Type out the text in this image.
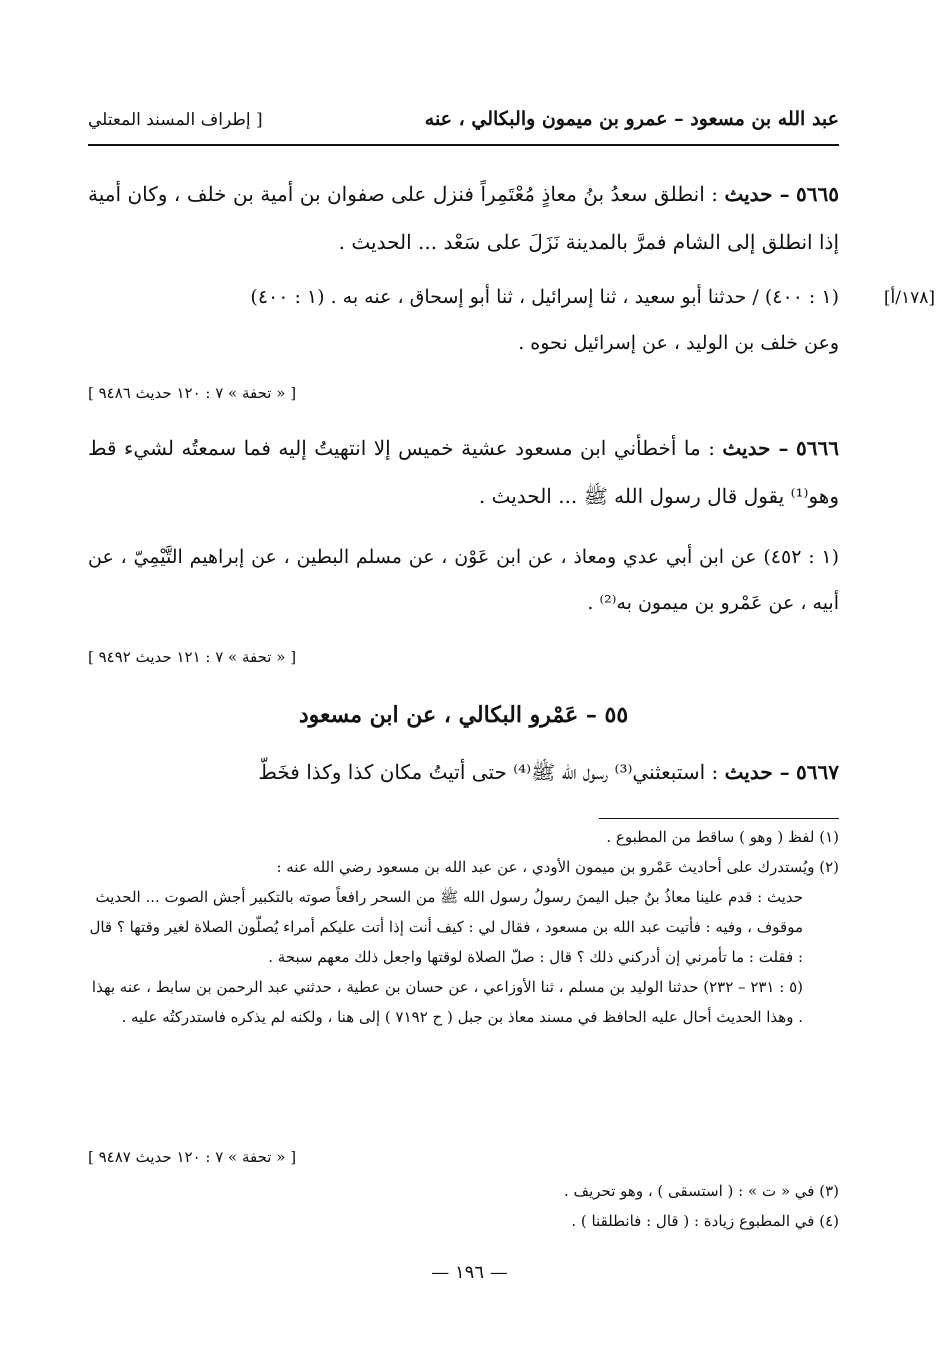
عبد الله بن مسعود – عمرو بن ميمون والبكالي ، عنه
[ إطراف المسند المعتلي
٥٦٦٥ – حديث : انطلق سعدُ بنُ معاذٍ مُعْتَمِراً فنزل على صفوان بن أمية بن خلف ، وكان أمية إذا انطلق إلى الشام فمرَّ بالمدينة نَزَلَ على سَعْد ... الحديث .
[١٧٨/أ]
(١ : ٤٠٠) / حدثنا أبو سعيد ، ثنا إسرائيل ، ثنا أبو إسحاق ، عنه به . (١ : ٤٠٠)
وعن خلف بن الوليد ، عن إسرائيل نحوه .
[ « تحفة » ٧ : ١٢٠ حديث ٩٤٨٦ ]
٥٦٦٦ – حديث : ما أخطأني ابن مسعود عشية خميس إلا انتهيتُ إليه فما سمعتُه لشيء قط وهو⁽¹⁾ يقول قال رسول الله ﷺ ... الحديث .
(١ : ٤٥٢) عن ابن أبي عدي ومعاذ ، عن ابن عَوْن ، عن مسلم البطين ، عن إبراهيم التَّيْمِيّ ، عن أبيه ، عن عَمْرو بن ميمون به⁽²⁾ .
[ « تحفة » ٧ : ١٢١ حديث ٩٤٩٢ ]
٥٥ – عَمْرو البكالي ، عن ابن مسعود
٥٦٦٧ – حديث : استبعثني⁽³⁾ رسول الله ﷺ⁽⁴⁾ حتى أتيتُ مكان كذا وكذا فخَطّ
(١) لفظ ( وهو ) ساقط من المطبوع .
(٢) ويُستدرك على أحاديث عَمْرو بن ميمون الأودي ، عن عبد الله بن مسعود رضي الله عنه :
حديث : قدم علينا معاذُ بنُ جبل اليمنَ رسولُ رسول الله ﷺ من السحر رافعاً صوته بالتكبير أجش الصوت ... الحديث موقوف ، وفيه : فأتيت عبد الله بن مسعود ، فقال لي : كيف أنت إذا أتت عليكم أمراء يُصلّون الصلاة لغير وقتها ؟ قال : فقلت : ما تأمرني إن أدركني ذلك ؟ قال : صلّ الصلاة لوقتها واجعل ذلك معهم سبحة .
(٥ : ٢٣١ – ٢٣٢) حدثنا الوليد بن مسلم ، ثنا الأوزاعي ، عن حسان بن عطية ، حدثني عبد الرحمن بن سابط ، عنه بهذا . وهذا الحديث أحال عليه الحافظ في مسند معاذ بن جبل ( ح ٧١٩٢ ) إلى هنا ، ولكنه لم يذكره فاستدركتُه عليه .
[ « تحفة » ٧ : ١٢٠ حديث ٩٤٨٧ ]
(٣) في « ت » : ( استسقى ) ، وهو تحريف .
(٤) في المطبوع زيادة : ( قال : فانطلقنا ) .
— ١٩٦ —
